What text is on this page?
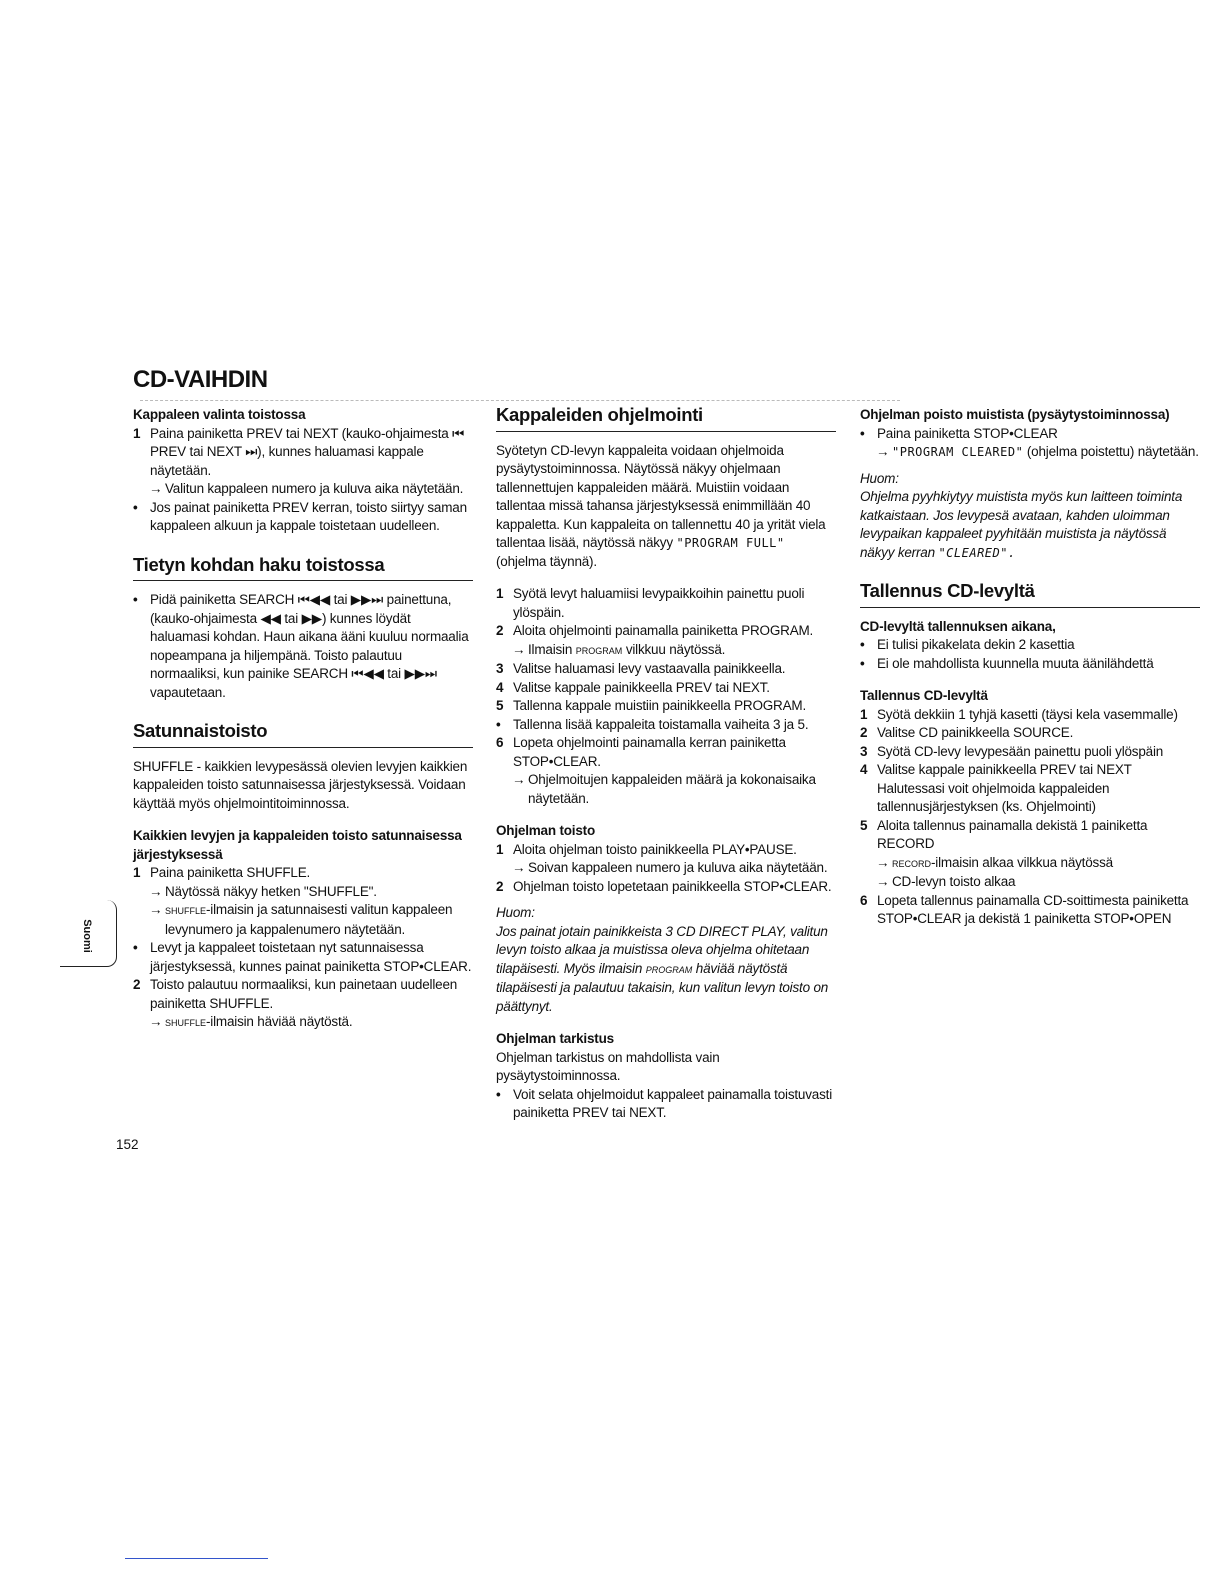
CD-VAIHDIN

Kappaleen valinta toistossa

1 Paina painiketta PREV tai NEXT (kauko-ohjaimesta ⏮ PREV tai NEXT ⏭), kunnes haluamasi kappale näytetään.
→ Valitun kappaleen numero ja kuluva aika näytetään.
• Jos painat painiketta PREV kerran, toisto siirtyy saman kappaleen alkuun ja kappale toistetaan uudelleen.
Tietyn kohdan haku toistossa
• Pidä painiketta SEARCH ⏮◀◀ tai ▶▶⏭ painettuna, (kauko-ohjaimesta ◀◀ tai ▶▶) kunnes löydät haluamasi kohdan. Haun aikana ääni kuuluu normaalia nopeampana ja hiljempänä. Toisto palautuu normaaliksi, kun painike SEARCH ⏮◀◀ tai ▶▶⏭ vapautetaan.
Satunnaistoisto

SHUFFLE - kaikkien levypesässä olevien levyjen kaikkien kappaleiden toisto satunnaisessa järjestyksessä. Voidaan käyttää myös ohjelmointitoiminnossa.

Kaikkien levyjen ja kappaleiden toisto satunnaisessa järjestyksessä

1 Paina painiketta SHUFFLE.
→ Näytössä näkyy hetken "SHUFFLE".
→ SHUFFLE-ilmaisin ja satunnaisesti valitun kappaleen levynumero ja kappalenumero näytetään.
• Levyt ja kappaleet toistetaan nyt satunnaisessa järjestyksessä, kunnes painat painiketta STOP•CLEAR.
2 Toisto palautuu normaaliksi, kun painetaan uudelleen painiketta SHUFFLE.
→ SHUFFLE-ilmaisin häviää näytöstä.
Kappaleiden ohjelmointi

Syötetyn CD-levyn kappaleita voidaan ohjelmoida pysäytystoiminnossa. Näytössä näkyy ohjelmaan tallennettujen kappaleiden määrä. Muistiin voidaan tallentaa missä tahansa järjestyksessä enimmillään 40 kappaletta. Kun kappaleita on tallennettu 40 ja yrität viela tallentaa lisää, näytössä näkyy "PROGRAM FULL" (ohjelma täynnä).

1 Syötä levyt haluamiisi levypaikkoihin painettu puoli ylöspäin.
2 Aloita ohjelmointi painamalla painiketta PROGRAM.
→ Ilmaisin PROGRAM vilkkuu näytössä.
3 Valitse haluamasi levy vastaavalla painikkeella.
4 Valitse kappale painikkeella PREV tai NEXT.
5 Tallenna kappale muistiin painikkeella PROGRAM.
• Tallenna lisää kappaleita toistamalla vaiheita 3 ja 5.
6 Lopeta ohjelmointi painamalla kerran painiketta STOP•CLEAR.
→ Ohjelmoitujen kappaleiden määrä ja kokonaisaika näytetään.

Ohjelman toisto

1 Aloita ohjelman toisto painikkeella PLAY•PAUSE.
→ Soivan kappaleen numero ja kuluva aika näytetään.
2 Ohjelman toisto lopetetaan painikkeella STOP•CLEAR.

Huom:

Jos painat jotain painikkeista 3 CD DIRECT PLAY, valitun levyn toisto alkaa ja muistissa oleva ohjelma ohitetaan tilapäisesti. Myös ilmaisin PROGRAM häviää näytöstä tilapäisesti ja palautuu takaisin, kun valitun levyn toisto on päättynyt.

Ohjelman tarkistus

Ohjelman tarkistus on mahdollista vain pysäytystoiminnossa.

• Voit selata ohjelmoidut kappaleet painamalla toistuvasti painiketta PREV tai NEXT.

Ohjelman poisto muistista (pysäytystoiminnossa)

• Paina painiketta STOP•CLEAR
→ "PROGRAM CLEARED" (ohjelma poistettu) näytetään.

Huom:

Ohjelma pyyhkiytyy muistista myös kun laitteen toiminta katkaistaan. Jos levypesä avataan, kahden uloimman levypaikan kappaleet pyyhitään muistista ja näytössä näkyy kerran "CLEARED".

Tallennus CD-levyltä

CD-levyltä tallennuksen aikana,

• Ei tulisi pikakelata dekin 2 kasettia
• Ei ole mahdollista kuunnella muuta äänilähdettä

Tallennus CD-levyltä

1 Syötä dekkiin 1 tyhjä kasetti (täysi kela vasemmalle)
2 Valitse CD painikkeella SOURCE.
3 Syötä CD-levy levypesään painettu puoli ylöspäin
4 Valitse kappale painikkeella PREV tai NEXT
Halutessasi voit ohjelmoida kappaleiden tallennusjärjestyksen (ks. Ohjelmointi)
5 Aloita tallennus painamalla dekistä 1 painiketta RECORD
→ RECORD-ilmaisin alkaa vilkkua näytössä
→ CD-levyn toisto alkaa
6 Lopeta tallennus painamalla CD-soittimesta painiketta STOP•CLEAR ja dekistä 1 painiketta STOP•OPEN
Suomi

152
